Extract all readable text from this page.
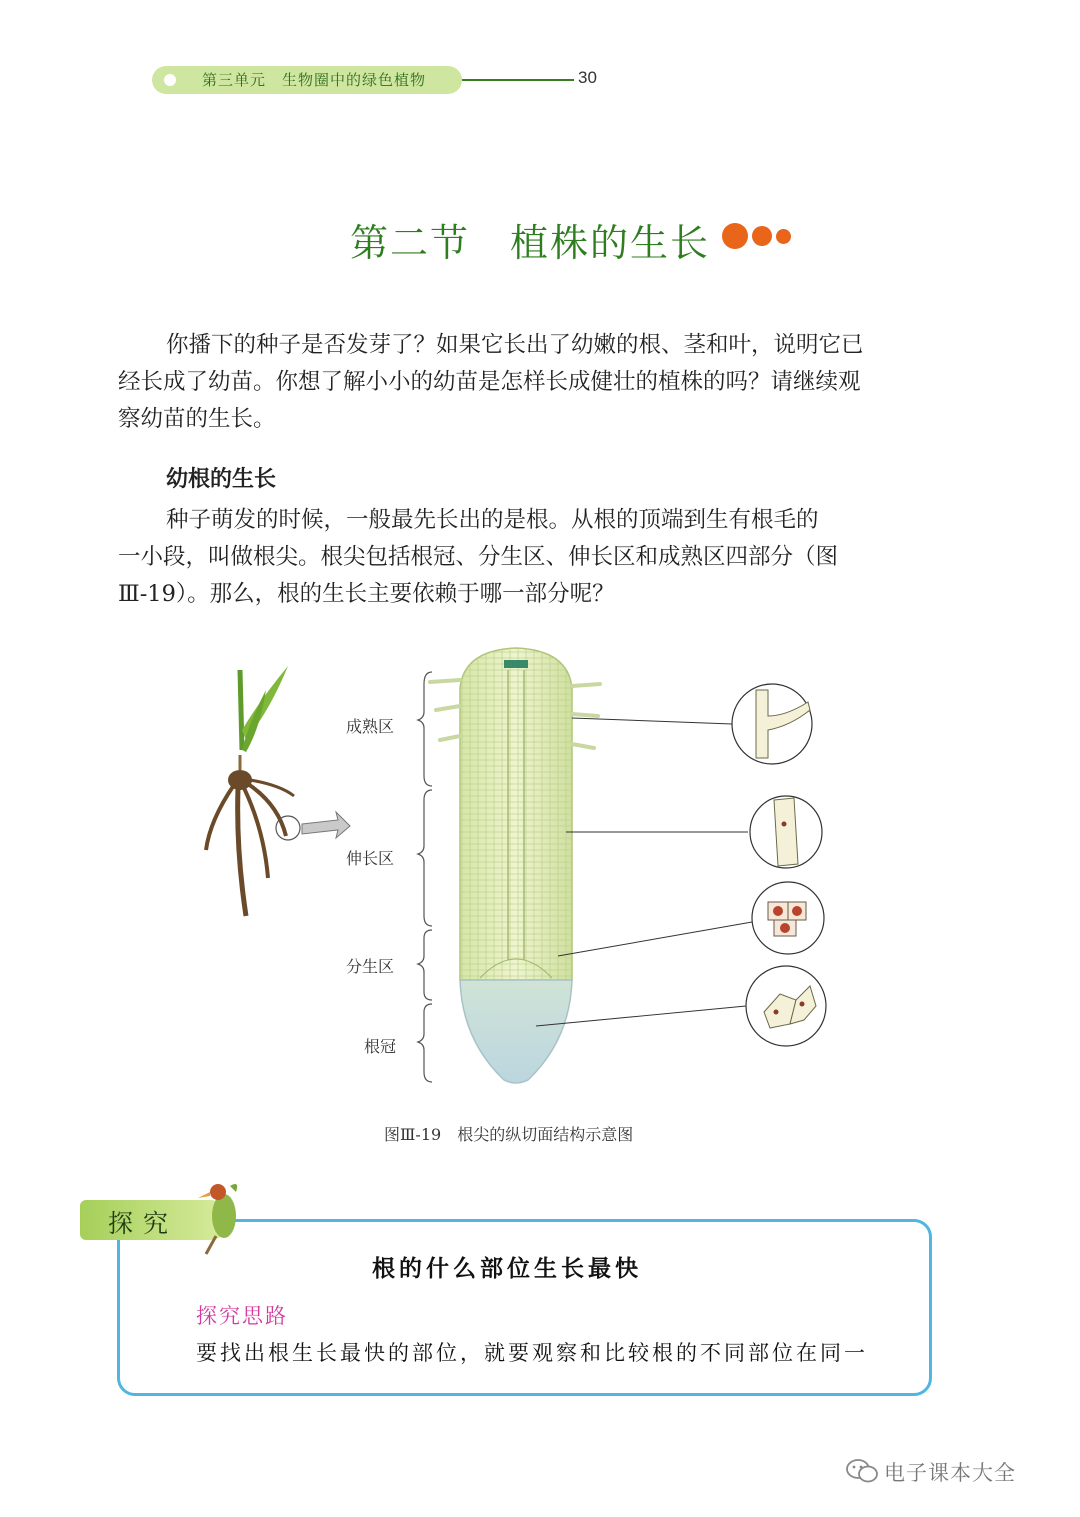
第三单元　生物圈中的绿色植物	30
第二节　植株的生长
你播下的种子是否发芽了？如果它长出了幼嫩的根、茎和叶，说明它已
经长成了幼苗。你想了解小小的幼苗是怎样长成健壮的植株的吗？请继续观
察幼苗的生长。
幼根的生长
种子萌发的时候，一般最先长出的是根。从根的顶端到生有根毛的
一小段，叫做根尖。根尖包括根冠、分生区、伸长区和成熟区四部分（图
Ⅲ-19）。那么，根的生长主要依赖于哪一部分呢？
成熟区
伸长区
分生区
根冠
图Ⅲ-19　根尖的纵切面结构示意图
探究
根的什么部位生长最快
探究思路
要找出根生长最快的部位，就要观察和比较根的不同部位在同一
电子课本大全
